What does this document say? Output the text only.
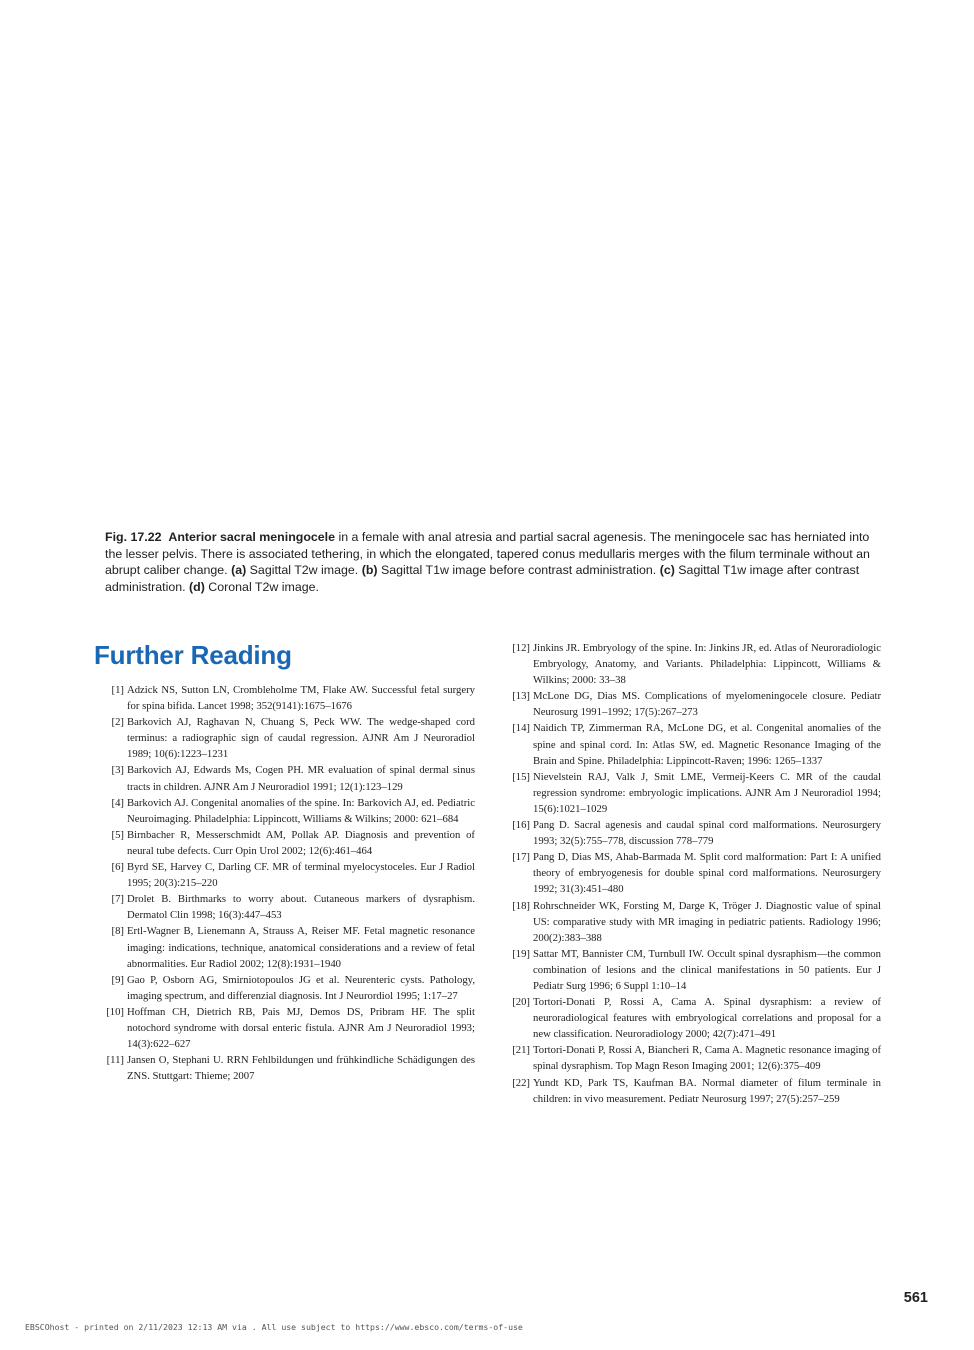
Fig. 17.22 Anterior sacral meningocele in a female with anal atresia and partial sacral agenesis. The meningocele sac has herniated into the lesser pelvis. There is associated tethering, in which the elongated, tapered conus medullaris merges with the filum terminale without an abrupt caliber change. (a) Sagittal T2w image. (b) Sagittal T1w image before contrast administration. (c) Sagittal T1w image after contrast administration. (d) Coronal T2w image.
Further Reading
[1] Adzick NS, Sutton LN, Crombleholme TM, Flake AW. Successful fetal surgery for spina bifida. Lancet 1998; 352(9141):1675–1676
[2] Barkovich AJ, Raghavan N, Chuang S, Peck WW. The wedge-shaped cord terminus: a radiographic sign of caudal regression. AJNR Am J Neuroradiol 1989; 10(6):1223–1231
[3] Barkovich AJ, Edwards Ms, Cogen PH. MR evaluation of spinal dermal sinus tracts in children. AJNR Am J Neuroradiol 1991; 12(1):123–129
[4] Barkovich AJ. Congenital anomalies of the spine. In: Barkovich AJ, ed. Pediatric Neuroimaging. Philadelphia: Lippincott, Williams & Wilkins; 2000: 621–684
[5] Birnbacher R, Messerschmidt AM, Pollak AP. Diagnosis and prevention of neural tube defects. Curr Opin Urol 2002; 12(6):461–464
[6] Byrd SE, Harvey C, Darling CF. MR of terminal myelocystoceles. Eur J Radiol 1995; 20(3):215–220
[7] Drolet B. Birthmarks to worry about. Cutaneous markers of dysraphism. Dermatol Clin 1998; 16(3):447–453
[8] Ertl-Wagner B, Lienemann A, Strauss A, Reiser MF. Fetal magnetic resonance imaging: indications, technique, anatomical considerations and a review of fetal abnormalities. Eur Radiol 2002; 12(8):1931–1940
[9] Gao P, Osborn AG, Smirniotopoulos JG et al. Neurenteric cysts. Pathology, imaging spectrum, and differenzial diagnosis. Int J Neurordiol 1995; 1:17–27
[10] Hoffman CH, Dietrich RB, Pais MJ, Demos DS, Pribram HF. The split notochord syndrome with dorsal enteric fistula. AJNR Am J Neuroradiol 1993; 14(3):622–627
[11] Jansen O, Stephani U. RRN Fehlbildungen und frühkindliche Schädigungen des ZNS. Stuttgart: Thieme; 2007
[12] Jinkins JR. Embryology of the spine. In: Jinkins JR, ed. Atlas of Neuroradiologic Embryology, Anatomy, and Variants. Philadelphia: Lippincott, Williams & Wilkins; 2000: 33–38
[13] McLone DG, Dias MS. Complications of myelomeningocele closure. Pediatr Neurosurg 1991–1992; 17(5):267–273
[14] Naidich TP, Zimmerman RA, McLone DG, et al. Congenital anomalies of the spine and spinal cord. In: Atlas SW, ed. Magnetic Resonance Imaging of the Brain and Spine. Philadelphia: Lippincott-Raven; 1996: 1265–1337
[15] Nievelstein RAJ, Valk J, Smit LME, Vermeij-Keers C. MR of the caudal regression syndrome: embryologic implications. AJNR Am J Neuroradiol 1994; 15(6):1021–1029
[16] Pang D. Sacral agenesis and caudal spinal cord malformations. Neurosurgery 1993; 32(5):755–778, discussion 778–779
[17] Pang D, Dias MS, Ahab-Barmada M. Split cord malformation: Part I: A unified theory of embryogenesis for double spinal cord malformations. Neurosurgery 1992; 31(3):451–480
[18] Rohrschneider WK, Forsting M, Darge K, Tröger J. Diagnostic value of spinal US: comparative study with MR imaging in pediatric patients. Radiology 1996; 200(2):383–388
[19] Sattar MT, Bannister CM, Turnbull IW. Occult spinal dysraphism—the common combination of lesions and the clinical manifestations in 50 patients. Eur J Pediatr Surg 1996; 6 Suppl 1:10–14
[20] Tortori-Donati P, Rossi A, Cama A. Spinal dysraphism: a review of neuroradiological features with embryological correlations and proposal for a new classification. Neuroradiology 2000; 42(7):471–491
[21] Tortori-Donati P, Rossi A, Biancheri R, Cama A. Magnetic resonance imaging of spinal dysraphism. Top Magn Reson Imaging 2001; 12(6):375–409
[22] Yundt KD, Park TS, Kaufman BA. Normal diameter of filum terminale in children: in vivo measurement. Pediatr Neurosurg 1997; 27(5):257–259
561
EBSCOhost - printed on 2/11/2023 12:13 AM via . All use subject to https://www.ebsco.com/terms-of-use
